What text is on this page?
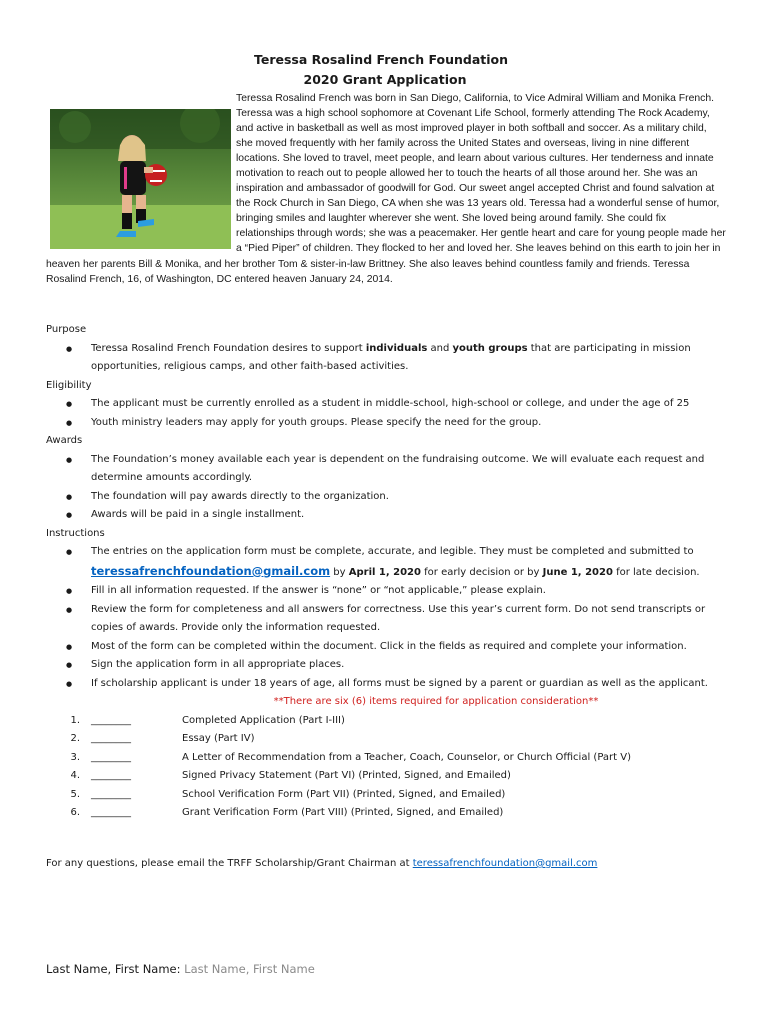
Teressa Rosalind French Foundation
2020 Grant Application
Teressa Rosalind French was born in San Diego, California, to Vice Admiral William and Monika French. Teressa was a high school sophomore at Covenant Life School, formerly attending The Rock Academy, and active in basketball as well as most improved player in both softball and soccer. As a military child, she moved frequently with her family across the United States and overseas, living in nine different locations. She loved to travel, meet people, and learn about various cultures. Her tenderness and innate motivation to reach out to people allowed her to touch the hearts of all those around her. She was an inspiration and ambassador of goodwill for God. Our sweet angel accepted Christ and found salvation at the Rock Church in San Diego, CA when she was 13 years old. Teressa had a wonderful sense of humor, bringing smiles and laughter wherever she went. She loved being around family. She could fix relationships through words; she was a peacemaker. Her gentle heart and care for young people made her a “Pied Piper” of children. They flocked to her and loved her. She leaves behind on this earth to join her in heaven her parents Bill & Monika, and her brother Tom & sister-in-law Brittney. She also leaves behind countless family and friends. Teressa Rosalind French, 16, of Washington, DC entered heaven January 24, 2014.
Purpose
● Teressa Rosalind French Foundation desires to support individuals and youth groups that are participating in mission opportunities, religious camps, and other faith-based activities.
Eligibility
● The applicant must be currently enrolled as a student in middle-school, high-school or college, and under the age of 25
● Youth ministry leaders may apply for youth groups. Please specify the need for the group.
Awards
● The Foundation’s money available each year is dependent on the fundraising outcome. We will evaluate each request and determine amounts accordingly.
● The foundation will pay awards directly to the organization.
● Awards will be paid in a single installment.
Instructions
● The entries on the application form must be complete, accurate, and legible. They must be completed and submitted to teressafrenchfoundation@gmail.com by April 1, 2020 for early decision or by June 1, 2020 for late decision.
● Fill in all information requested. If the answer is “none” or “not applicable,” please explain.
● Review the form for completeness and all answers for correctness. Use this year’s current form. Do not send transcripts or copies of awards. Provide only the information requested.
● Most of the form can be completed within the document. Click in the fields as required and complete your information.
● Sign the application form in all appropriate places.
● If scholarship applicant is under 18 years of age, all forms must be signed by a parent or guardian as well as the applicant.
**There are six (6) items required for application consideration**
1. ________	Completed Application (Part I-III)
2. ________	Essay (Part IV)
3. ________	A Letter of Recommendation from a Teacher, Coach, Counselor, or Church Official (Part V)
4. ________	Signed Privacy Statement (Part VI) (Printed, Signed, and Emailed)
5. ________	School Verification Form (Part VII) (Printed, Signed, and Emailed)
6. ________	Grant Verification Form (Part VIII) (Printed, Signed, and Emailed)
For any questions, please email the TRFF Scholarship/Grant Chairman at teressafrenchfoundation@gmail.com
Last Name, First Name: Last Name, First Name
